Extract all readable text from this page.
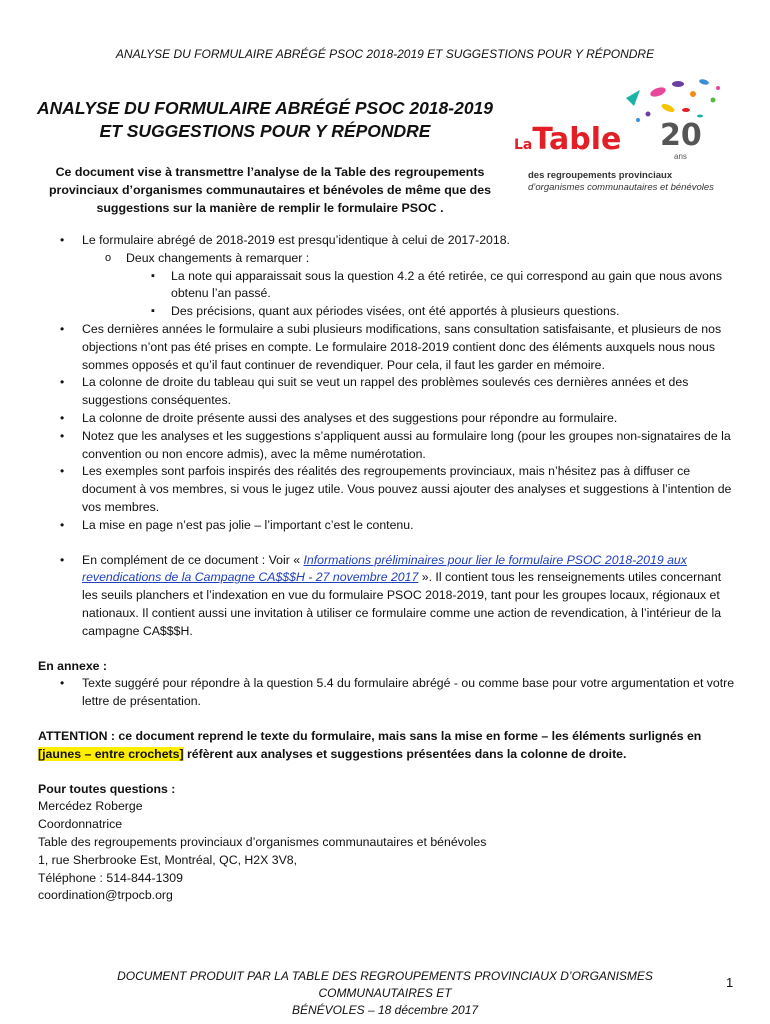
ANALYSE DU FORMULAIRE ABRÉGÉ PSOC 2018-2019 ET SUGGESTIONS POUR Y RÉPONDRE
ANALYSE DU FORMULAIRE ABRÉGÉ PSOC 2018-2019
ET SUGGESTIONS POUR Y RÉPONDRE
Ce document vise à transmettre l’analyse de la Table des regroupements provinciaux d’organismes communautaires et bénévoles de même que des suggestions sur la manière de remplir le formulaire PSOC .
LaTable 20
ans
des regroupements provinciaux
d’organismes communautaires et bénévoles
• Le formulaire abrégé de 2018-2019 est presqu’identique à celui de 2017-2018.
o Deux changements à remarquer :
▪ La note qui apparaissait sous la question 4.2 a été retirée, ce qui correspond au gain que nous avons obtenu l’an passé.
▪ Des précisions, quant aux périodes visées, ont été apportés à plusieurs questions.
• Ces dernières années le formulaire a subi plusieurs modifications, sans consultation satisfaisante, et plusieurs de nos objections n’ont pas été prises en compte. Le formulaire 2018-2019 contient donc des éléments auxquels nous nous sommes opposés et qu’il faut continuer de revendiquer. Pour cela, il faut les garder en mémoire.
• La colonne de droite du tableau qui suit se veut un rappel des problèmes soulevés ces dernières années et des suggestions conséquentes.
• La colonne de droite présente aussi des analyses et des suggestions pour répondre au formulaire.
• Notez que les analyses et les suggestions s’appliquent aussi au formulaire long (pour les groupes non-signataires de la convention ou non encore admis), avec la même numérotation.
• Les exemples sont parfois inspirés des réalités des regroupements provinciaux, mais n’hésitez pas à diffuser ce document à vos membres, si vous le jugez utile. Vous pouvez aussi ajouter des analyses et suggestions à l’intention de vos membres.
• La mise en page n’est pas jolie – l’important c’est le contenu.
• En complément de ce document : Voir « Informations préliminaires pour lier le formulaire PSOC 2018-2019 aux revendications de la Campagne CA$$$H - 27 novembre 2017 ». Il contient tous les renseignements utiles concernant les seuils planchers et l’indexation en vue du formulaire PSOC 2018-2019, tant pour les groupes locaux, régionaux et nationaux. Il contient aussi une invitation à utiliser ce formulaire comme une action de revendication, à l’intérieur de la campagne CA$$$H.
En annexe :
• Texte suggéré pour répondre à la question 5.4 du formulaire abrégé - ou comme base pour votre argumentation et votre lettre de présentation.
ATTENTION : ce document reprend le texte du formulaire, mais sans la mise en forme – les éléments surlignés en [jaunes – entre crochets] réfèrent aux analyses et suggestions présentées dans la colonne de droite.
Pour toutes questions :
Mercédez Roberge
Coordonnatrice
Table des regroupements provinciaux d’organismes communautaires et bénévoles
1, rue Sherbrooke Est, Montréal, QC, H2X 3V8,
Téléphone : 514-844-1309
coordination@trpocb.org
DOCUMENT PRODUIT PAR LA TABLE DES REGROUPEMENTS PROVINCIAUX D’ORGANISMES COMMUNAUTAIRES ET
BÉNÉVOLES – 18 décembre 2017
1
